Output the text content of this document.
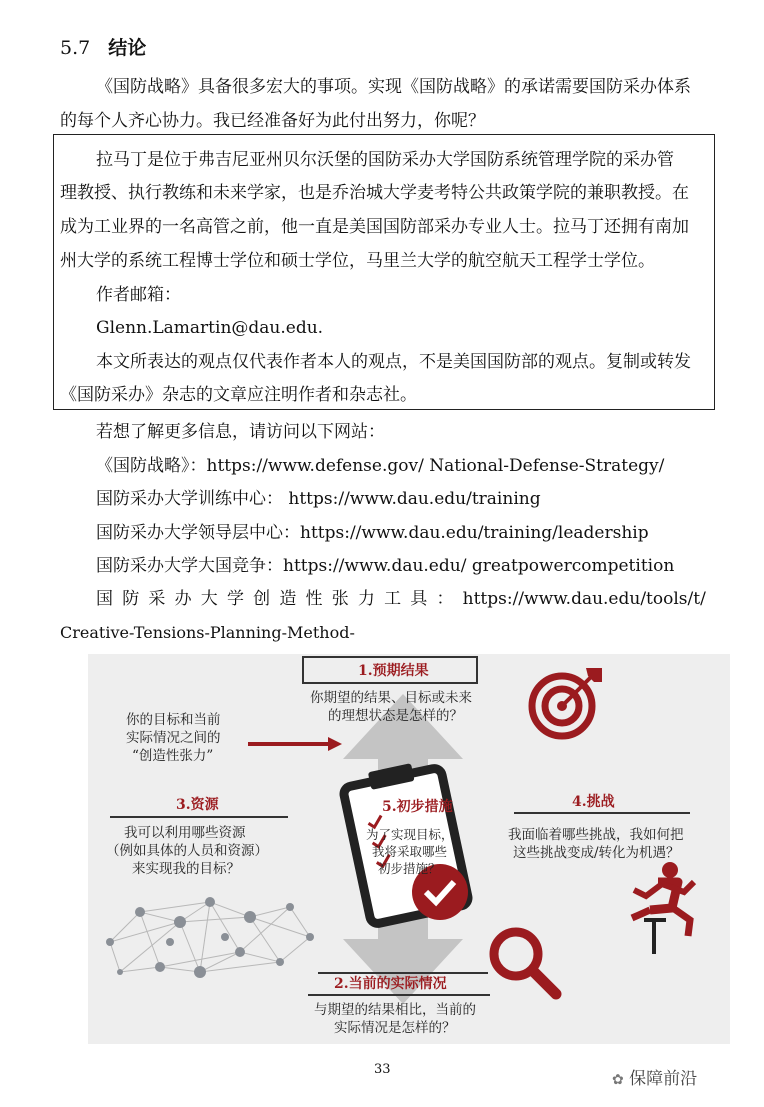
5.7 结论
《国防战略》具备很多宏大的事项。实现《国防战略》的承诺需要国防采办体系
的每个人齐心协力。我已经准备好为此付出努力，你呢？
拉马丁是位于弗吉尼亚州贝尔沃堡的国防采办大学国防系统管理学院的采办管
理教授、执行教练和未来学家，也是乔治城大学麦考特公共政策学院的兼职教授。在
成为工业界的一名高管之前，他一直是美国国防部采办专业人士。拉马丁还拥有南加
州大学的系统工程博士学位和硕士学位，马里兰大学的航空航天工程学士学位。
作者邮箱：
Glenn.Lamartin@dau.edu.
本文所表达的观点仅代表作者本人的观点，不是美国国防部的观点。复制或转发
《国防采办》杂志的文章应注明作者和杂志社。
若想了解更多信息，请访问以下网站：
《国防战略》：https://www.defense.gov/ National-Defense-Strategy/
国防采办大学训练中心： https://www.dau.edu/training
国防采办大学领导层中心：https://www.dau.edu/training/leadership
国防采办大学大国竞争：https://www.dau.edu/ greatpowercompetition
国 防 采 办 大 学 创 造 性 张 力 工 具 ： https://www.dau.edu/tools/t/
Creative-Tensions-Planning-Method-
1.预期结果
你期望的结果、目标或未来
的理想状态是怎样的？
你的目标和当前
实际情况之间的
“创造性张力”
3.资源
我可以利用哪些资源
（例如具体的人员和资源）
来实现我的目标？
5.初步措施
为了实现目标，
我将采取哪些
初步措施？
4.挑战
我面临着哪些挑战，我如何把
这些挑战变成/转化为机遇？
2.当前的实际情况
与期望的结果相比，当前的
实际情况是怎样的？
33
✿ 保障前沿
